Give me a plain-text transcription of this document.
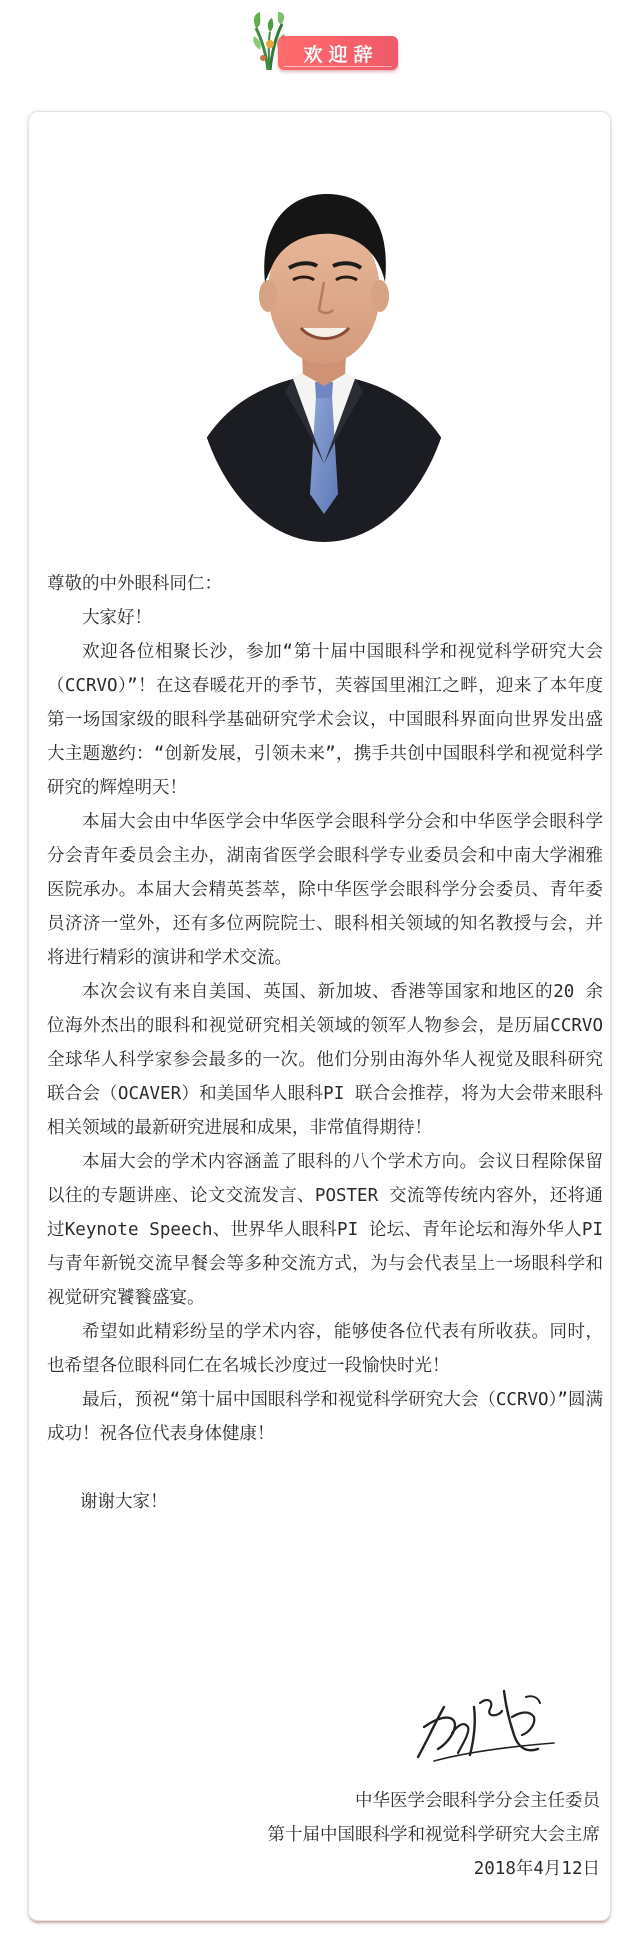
欢迎辞

尊敬的中外眼科同仁：

大家好！

欢迎各位相聚长沙，参加“第十届中国眼科学和视觉科学研究大会（CCRVO）”！在这春暖花开的季节，芙蓉国里湘江之畔，迎来了本年度第一场国家级的眼科学基础研究学术会议，中国眼科界面向世界发出盛大主题邀约：“创新发展，引领未来”，携手共创中国眼科学和视觉科学研究的辉煌明天！

本届大会由中华医学会中华医学会眼科学分会和中华医学会眼科学分会青年委员会主办，湖南省医学会眼科学专业委员会和中南大学湘雅医院承办。本届大会精英荟萃，除中华医学会眼科学分会委员、青年委员济济一堂外，还有多位两院院士、眼科相关领域的知名教授与会，并将进行精彩的演讲和学术交流。

本次会议有来自美国、英国、新加坡、香港等国家和地区的20 余位海外杰出的眼科和视觉研究相关领域的领军人物参会，是历届CCRVO 全球华人科学家参会最多的一次。他们分别由海外华人视觉及眼科研究联合会（OCAVER）和美国华人眼科PI 联合会推荐，将为大会带来眼科相关领域的最新研究进展和成果，非常值得期待！

本届大会的学术内容涵盖了眼科的八个学术方向。会议日程除保留以往的专题讲座、论文交流发言、POSTER 交流等传统内容外，还将通过Keynote Speech、世界华人眼科PI 论坛、青年论坛和海外华人PI与青年新锐交流早餐会等多种交流方式，为与会代表呈上一场眼科学和视觉研究饕餮盛宴。

希望如此精彩纷呈的学术内容，能够使各位代表有所收获。同时，也希望各位眼科同仁在名城长沙度过一段愉快时光！

最后，预祝“第十届中国眼科学和视觉科学研究大会（CCRVO）”圆满成功！祝各位代表身体健康！

谢谢大家！

中华医学会眼科学分会主任委员

第十届中国眼科学和视觉科学研究大会主席

2018年4月12日
